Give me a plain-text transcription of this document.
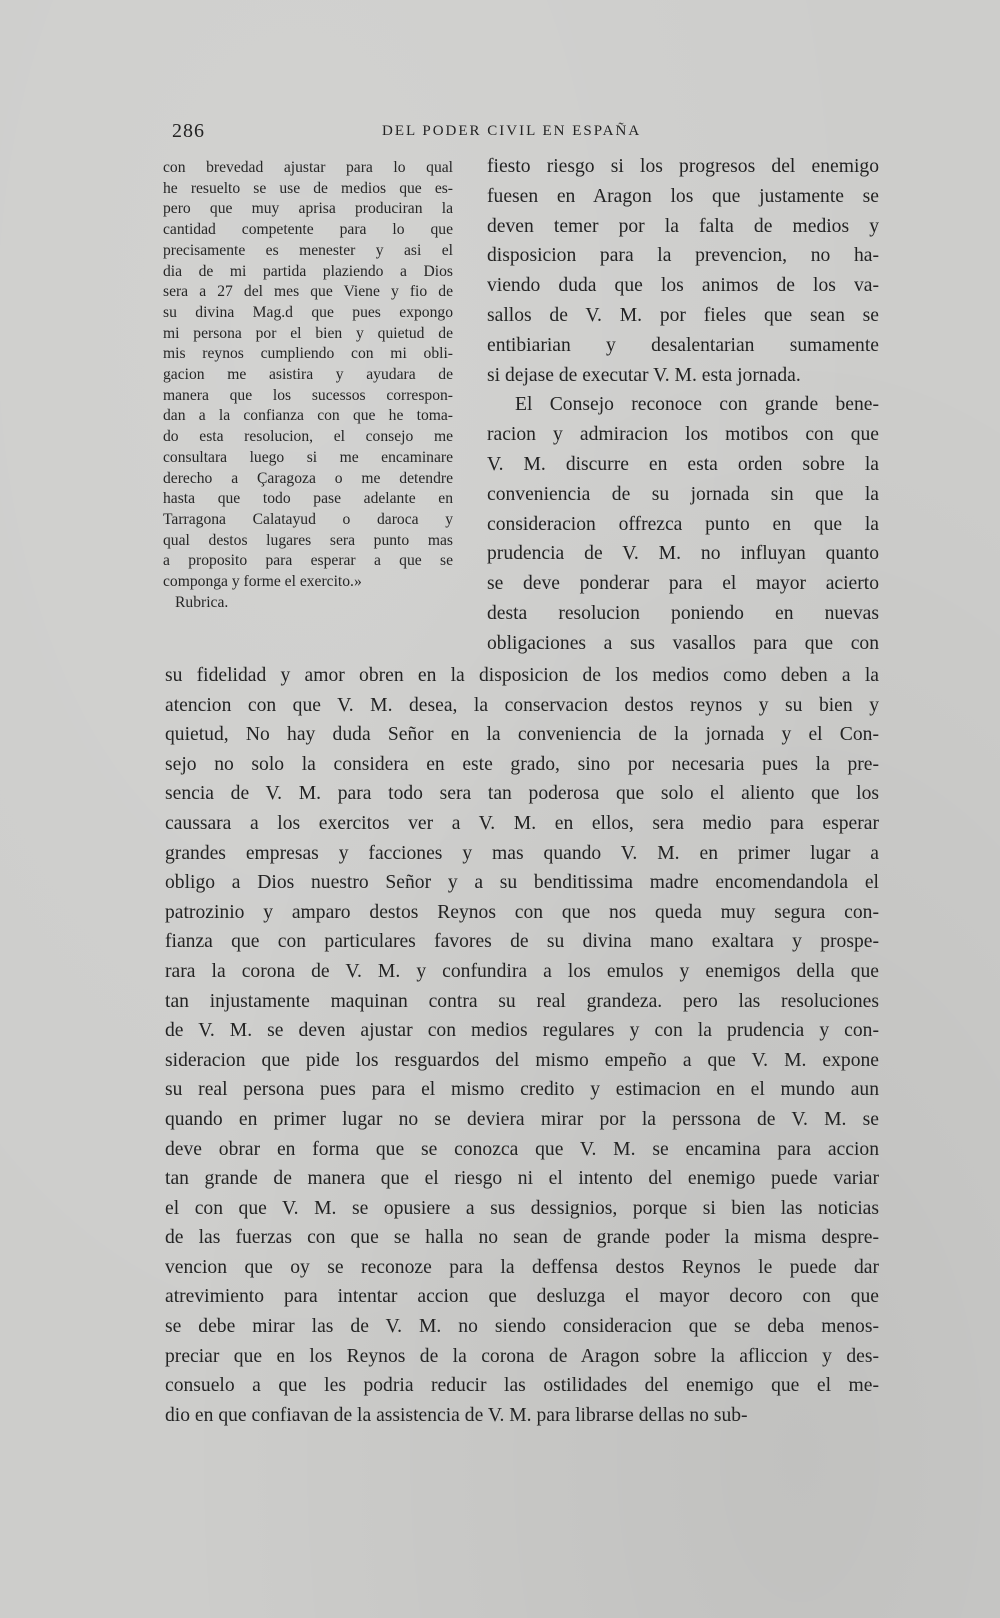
286	DEL PODER CIVIL EN ESPAÑA
con brevedad ajustar para lo qual
he resuelto se use de medios que es-
pero que muy aprisa produciran la
cantidad competente para lo que
precisamente es menester y asi el
dia de mi partida plaziendo a Dios
sera a 27 del mes que Viene y fio de
su divina Mag.d que pues expongo
mi persona por el bien y quietud de
mis reynos cumpliendo con mi obli-
gacion me asistira y ayudara de
manera que los sucessos correspon-
dan a la confianza con que he toma-
do esta resolucion, el consejo me
consultara luego si me encaminare
derecho a Çaragoza o me detendre
hasta que todo pase adelante en
Tarragona Calatayud o daroca y
qual destos lugares sera punto mas
a proposito para esperar a que se
componga y forme el exercito.»
Rubrica.
fiesto riesgo si los progresos del enemigo
fuesen en Aragon los que justamente se
deven temer por la falta de medios y
disposicion para la prevencion, no ha-
viendo duda que los animos de los va-
sallos de V. M. por fieles que sean se
entibiarian y desalentarian sumamente
si dejase de executar V. M. esta jornada.
El Consejo reconoce con grande bene-
racion y admiracion los motibos con que
V. M. discurre en esta orden sobre la
conveniencia de su jornada sin que la
consideracion offrezca punto en que la
prudencia de V. M. no influyan quanto
se deve ponderar para el mayor acierto
desta resolucion poniendo en nuevas
obligaciones a sus vasallos para que con
su fidelidad y amor obren en la disposicion de los medios como deben a la
atencion con que V. M. desea, la conservacion destos reynos y su bien y
quietud, No hay duda Señor en la conveniencia de la jornada y el Con-
sejo no solo la considera en este grado, sino por necesaria pues la pre-
sencia de V. M. para todo sera tan poderosa que solo el aliento que los
caussara a los exercitos ver a V. M. en ellos, sera medio para esperar
grandes empresas y facciones y mas quando V. M. en primer lugar a
obligo a Dios nuestro Señor y a su benditissima madre encomendandola el
patrozinio y amparo destos Reynos con que nos queda muy segura con-
fianza que con particulares favores de su divina mano exaltara y prospe-
rara la corona de V. M. y confundira a los emulos y enemigos della que
tan injustamente maquinan contra su real grandeza. pero las resoluciones
de V. M. se deven ajustar con medios regulares y con la prudencia y con-
sideracion que pide los resguardos del mismo empeño a que V. M. expone
su real persona pues para el mismo credito y estimacion en el mundo aun
quando en primer lugar no se deviera mirar por la perssona de V. M. se
deve obrar en forma que se conozca que V. M. se encamina para accion
tan grande de manera que el riesgo ni el intento del enemigo puede variar
el con que V. M. se opusiere a sus dessignios, porque si bien las noticias
de las fuerzas con que se halla no sean de grande poder la misma despre-
vencion que oy se reconoze para la deffensa destos Reynos le puede dar
atrevimiento para intentar accion que desluzga el mayor decoro con que
se debe mirar las de V. M. no siendo consideracion que se deba menos-
preciar que en los Reynos de la corona de Aragon sobre la afliccion y des-
consuelo a que les podria reducir las ostilidades del enemigo que el me-
dio en que confiavan de la assistencia de V. M. para librarse dellas no sub-
